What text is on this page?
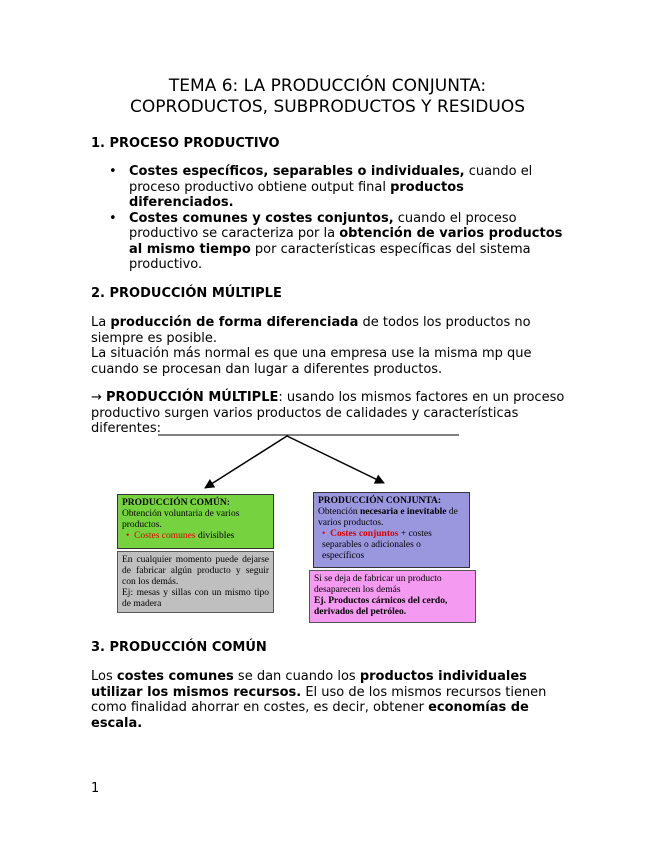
TEMA 6: LA PRODUCCIÓN CONJUNTA:
COPRODUCTOS, SUBPRODUCTOS Y RESIDUOS
1. PROCESO PRODUCTIVO
• Costes específicos, separables o individuales, cuando el proceso productivo obtiene output final productos diferenciados.
• Costes comunes y costes conjuntos, cuando el proceso productivo se caracteriza por la obtención de varios productos al mismo tiempo por características específicas del sistema productivo.
2. PRODUCCIÓN MÚLTIPLE
La producción de forma diferenciada de todos los productos no siempre es posible.
La situación más normal es que una empresa use la misma mp que cuando se procesan dan lugar a diferentes productos.
→ PRODUCCIÓN MÚLTIPLE: usando los mismos factores en un proceso productivo surgen varios productos de calidades y características diferentes:
PRODUCCIÓN COMÚN:
Obtención voluntaria de varios productos.
•  Costes comunes divisibles
En cualquier momento puede dejarse de fabricar algún producto y seguir con los demás.
Ej: mesas y sillas con un mismo tipo de madera
PRODUCCIÓN CONJUNTA:
Obtención necesaria e inevitable de varios productos.
•  Costes conjuntos + costes separables o adicionales o específicos
Si se deja de fabricar un producto desaparecen los demás
Ej. Productos cárnicos del cerdo, derivados del petróleo.
3. PRODUCCIÓN COMÚN
Los costes comunes se dan cuando los productos individuales utilizar los mismos recursos. El uso de los mismos recursos tienen como finalidad ahorrar en costes, es decir, obtener economías de escala.
1
